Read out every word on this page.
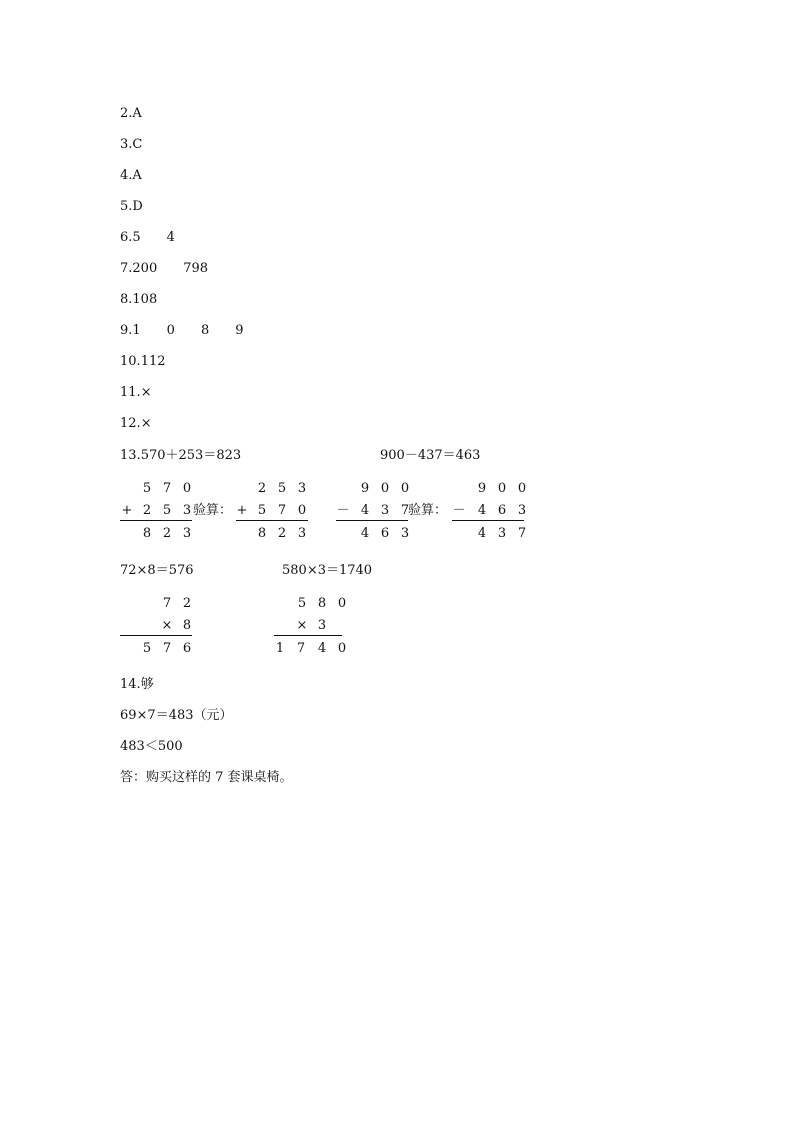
2.A
3.C
4.A
5.D
6.5　　4
7.200　　798
8.108
9.1　　0　　8　　9
10.112
11.×
12.×
13.570＋253＝823	900－437＝463
5 7 0
+ 2 5 3
8 2 3
验算：
2 5 3
+ 5 7 0
8 2 3
9 0 0
－ 4 3 7
4 6 3
验算：
9 0 0
－ 4 6 3
4 3 7
72×8＝576	580×3＝1740
7 2
× 8
5 7 6
5 8 0
× 3
1 7 4 0
14.够
69×7＝483（元）
483＜500
答：购买这样的 7 套课桌椅。
